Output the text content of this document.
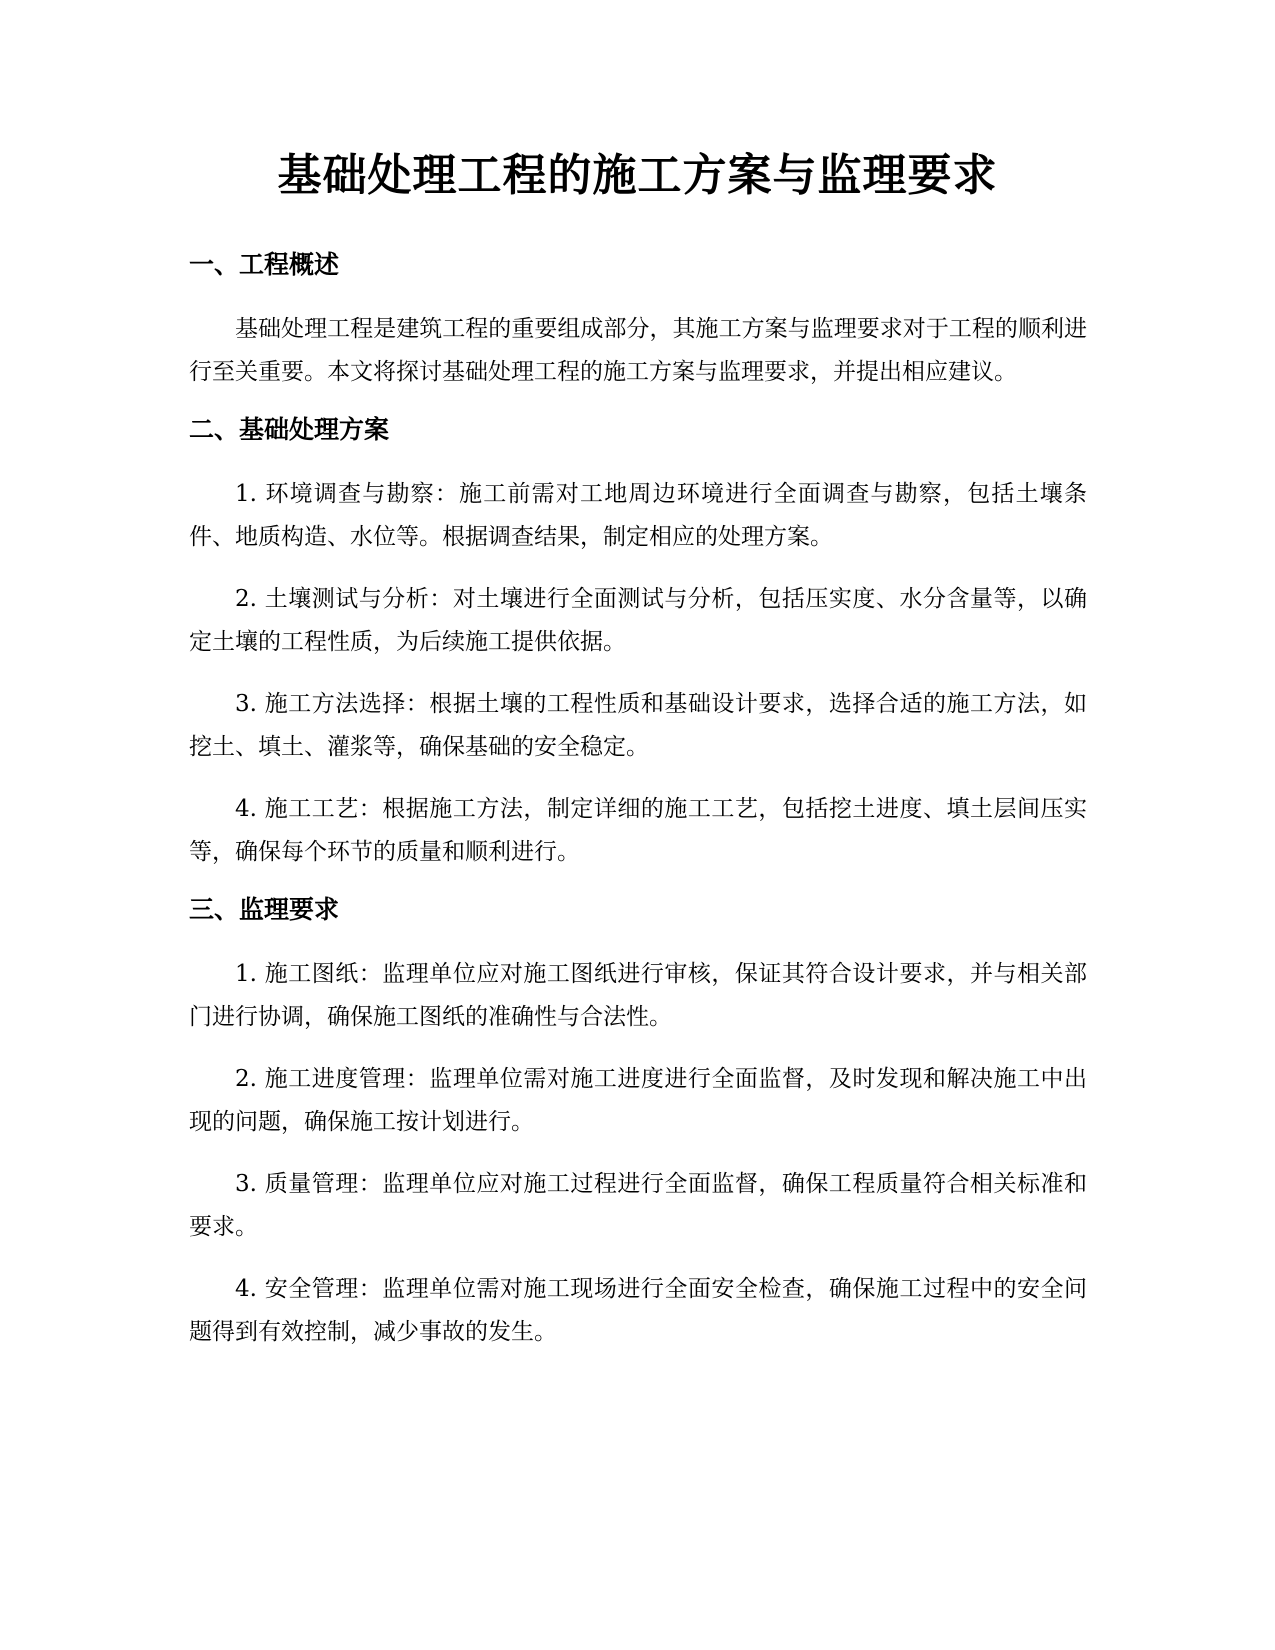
基础处理工程的施工方案与监理要求
一、工程概述

基础处理工程是建筑工程的重要组成部分，其施工方案与监理要求对于工程的顺利进行至关重要。本文将探讨基础处理工程的施工方案与监理要求，并提出相应建议。

二、基础处理方案

1. 环境调查与勘察：施工前需对工地周边环境进行全面调查与勘察，包括土壤条件、地质构造、水位等。根据调查结果，制定相应的处理方案。

2. 土壤测试与分析：对土壤进行全面测试与分析，包括压实度、水分含量等，以确定土壤的工程性质，为后续施工提供依据。

3. 施工方法选择：根据土壤的工程性质和基础设计要求，选择合适的施工方法，如挖土、填土、灌浆等，确保基础的安全稳定。

4. 施工工艺：根据施工方法，制定详细的施工工艺，包括挖土进度、填土层间压实等，确保每个环节的质量和顺利进行。

三、监理要求

1. 施工图纸：监理单位应对施工图纸进行审核，保证其符合设计要求，并与相关部门进行协调，确保施工图纸的准确性与合法性。

2. 施工进度管理：监理单位需对施工进度进行全面监督，及时发现和解决施工中出现的问题，确保施工按计划进行。

3. 质量管理：监理单位应对施工过程进行全面监督，确保工程质量符合相关标准和要求。

4. 安全管理：监理单位需对施工现场进行全面安全检查，确保施工过程中的安全问题得到有效控制，减少事故的发生。
